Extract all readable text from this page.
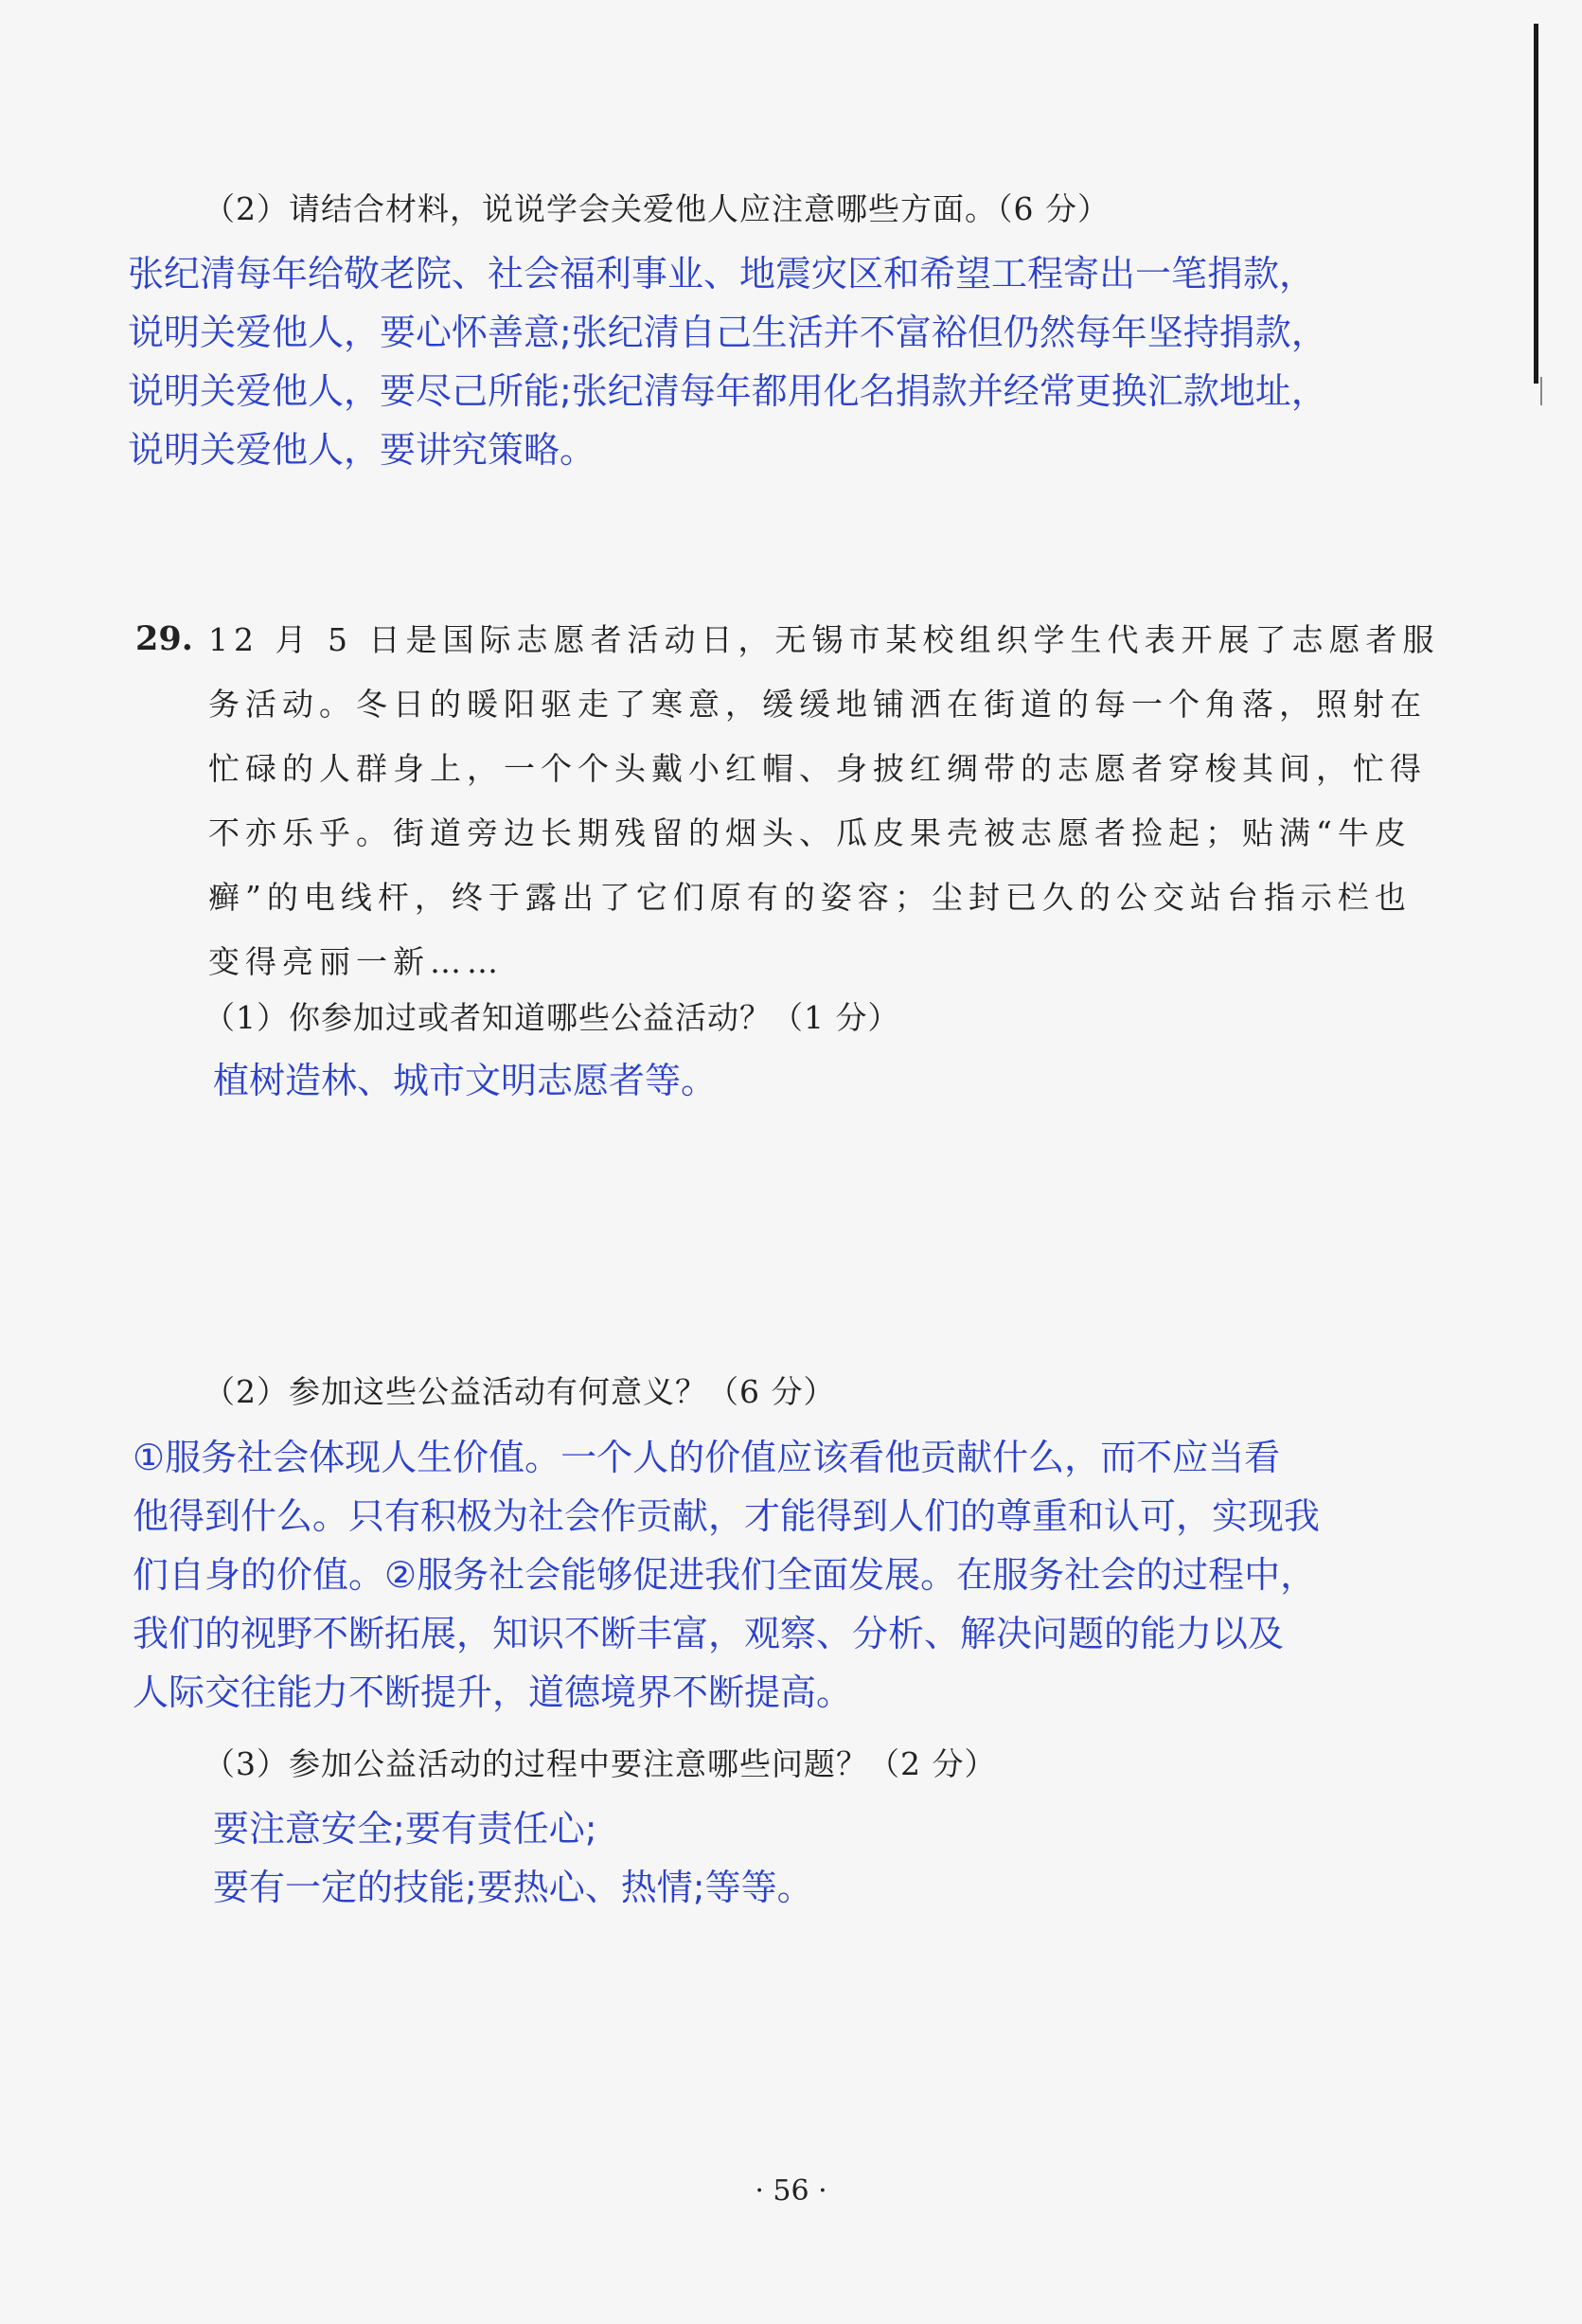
（2）请结合材料，说说学会关爱他人应注意哪些方面。（6 分）
张纪清每年给敬老院、社会福利事业、地震灾区和希望工程寄出一笔捐款，
说明关爱他人，要心怀善意;张纪清自己生活并不富裕但仍然每年坚持捐款，
说明关爱他人，要尽己所能;张纪清每年都用化名捐款并经常更换汇款地址，
说明关爱他人，要讲究策略。
29. 12 月 5 日是国际志愿者活动日，无锡市某校组织学生代表开展了志愿者服
务活动。冬日的暖阳驱走了寒意，缓缓地铺洒在街道的每一个角落，照射在
忙碌的人群身上，一个个头戴小红帽、身披红绸带的志愿者穿梭其间，忙得
不亦乐乎。街道旁边长期残留的烟头、瓜皮果壳被志愿者捡起；贴满“牛皮
癣”的电线杆，终于露出了它们原有的姿容；尘封已久的公交站台指示栏也
变得亮丽一新……
（1）你参加过或者知道哪些公益活动？（1 分）
植树造林、城市文明志愿者等。
（2）参加这些公益活动有何意义？（6 分）
①服务社会体现人生价值。一个人的价值应该看他贡献什么，而不应当看
他得到什么。只有积极为社会作贡献，才能得到人们的尊重和认可，实现我
们自身的价值。②服务社会能够促进我们全面发展。在服务社会的过程中，
我们的视野不断拓展，知识不断丰富，观察、分析、解决问题的能力以及
人际交往能力不断提升，道德境界不断提高。
（3）参加公益活动的过程中要注意哪些问题？（2 分）
要注意安全;要有责任心;
要有一定的技能;要热心、热情;等等。
· 56 ·
